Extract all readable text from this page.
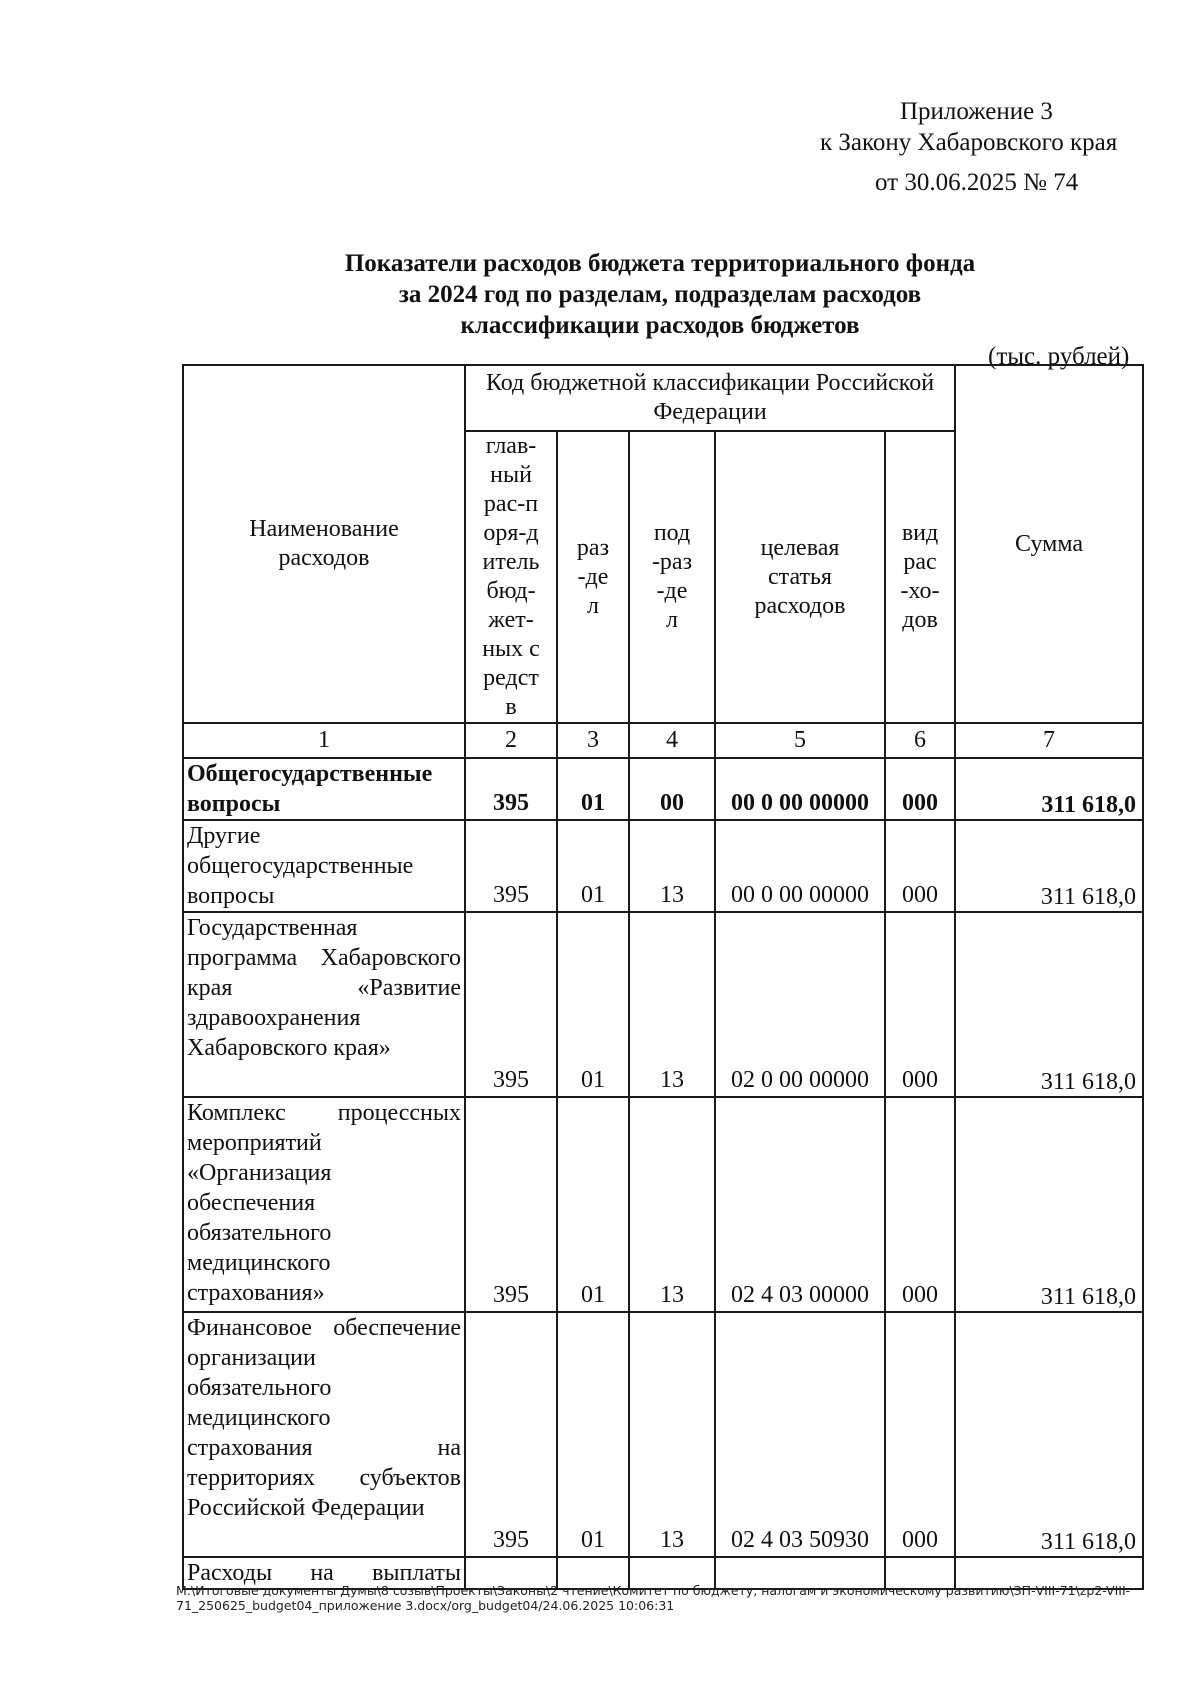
Приложение 3
к Закону Хабаровского края
от 30.06.2025 № 74
Показатели расходов бюджета территориального фонда
за 2024 год по разделам, подразделам расходов
классификации расходов бюджетов
(тыс. рублей)
Наименование расходов	Код бюджетной классификации Российской Федерации					Сумма

	глав-ный рас-поря-дитель бюд-жет-ных средств	раз-дел	под-раз-дел	целевая статья расходов	вид рас-хо-дов	

1	2	3	4	5	6	7
Общегосударственные вопросы	395	01	00	00 0 00 00000	000	311 618,0
Другие общегосударственные вопросы	395	01	13	00 0 00 00000	000	311 618,0
Государственная программа Хабаровского края «Развитие здравоохранения Хабаровского края»	395	01	13	02 0 00 00000	000	311 618,0
Комплекс процессных мероприятий «Организация обеспечения обязательного медицинского страхования»	395	01	13	02 4 03 00000	000	311 618,0
Финансовое обеспечение организации обязательного медицинского страхования на территориях субъектов Российской Федерации	395	01	13	02 4 03 50930	000	311 618,0
Расходы на выплаты						
M:\Итоговые документы Думы\8 созыв\Проекты\Законы\2 чтение\Комитет по бюджету, налогам и экономическому развитию\ЗП-VIII-71\zp2-VIII-71_250625_budget04_приложение 3.docx/org_budget04/24.06.2025 10:06:31
